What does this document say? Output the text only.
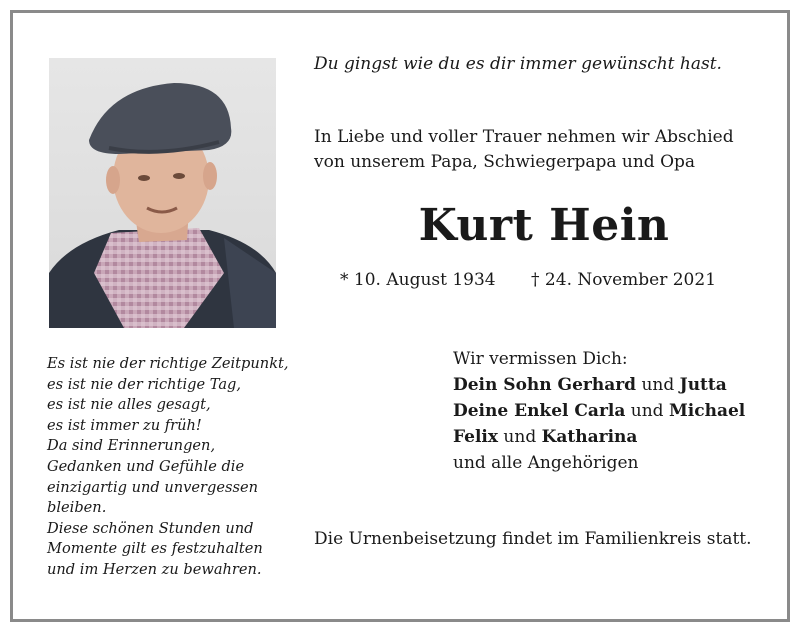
Du gingst wie du es dir immer gewünscht hast.
In Liebe und voller Trauer nehmen wir Abschied
von unserem Papa, Schwiegerpapa und Opa
Kurt Hein
* 10. August 1934 † 24. November 2021
Es ist nie der richtige Zeitpunkt,
es ist nie der richtige Tag,
es ist nie alles gesagt,
es ist immer zu früh!
Da sind Erinnerungen,
Gedanken und Gefühle die
einzigartig und unvergessen
bleiben.
Diese schönen Stunden und
Momente gilt es festzuhalten
und im Herzen zu bewahren.
Wir vermissen Dich:
Dein Sohn Gerhard und Jutta
Deine Enkel Carla und Michael
Felix und Katharina
und alle Angehörigen
Die Urnenbeisetzung findet im Familienkreis statt.
